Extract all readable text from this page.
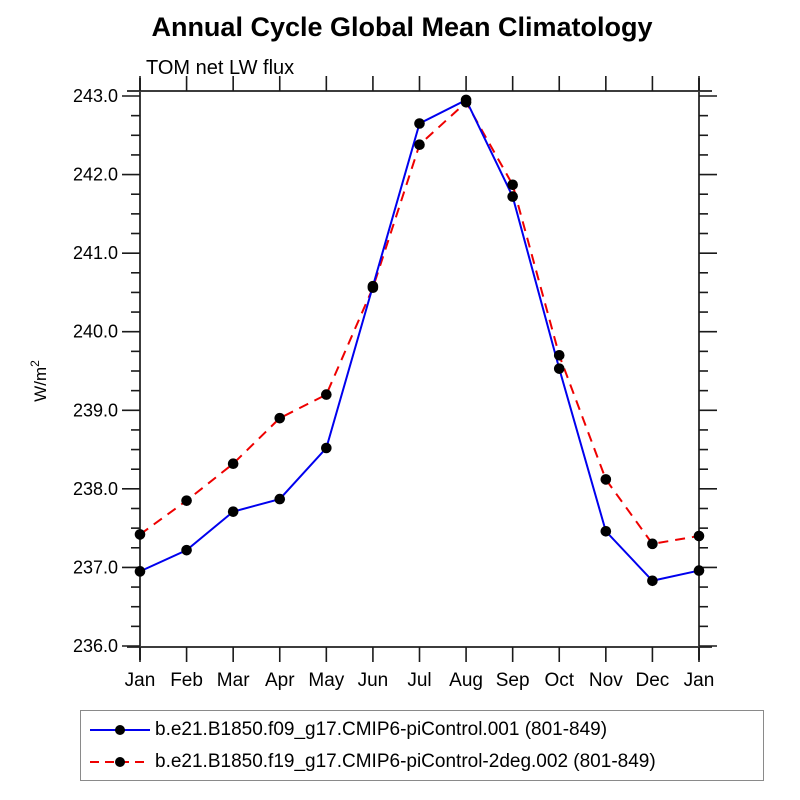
Annual Cycle Global Mean Climatology
TOM net LW flux
236.0
237.0
238.0
239.0
240.0
241.0
242.0
243.0
Jan Feb Mar Apr May Jun Jul Aug Sep Oct Nov Dec Jan
$W/m^2$
b.e21.B1850.f09_g17.CMIP6-piControl.001 (801-849)
b.e21.B1850.f19_g17.CMIP6-piControl-2deg.002 (801-849)
